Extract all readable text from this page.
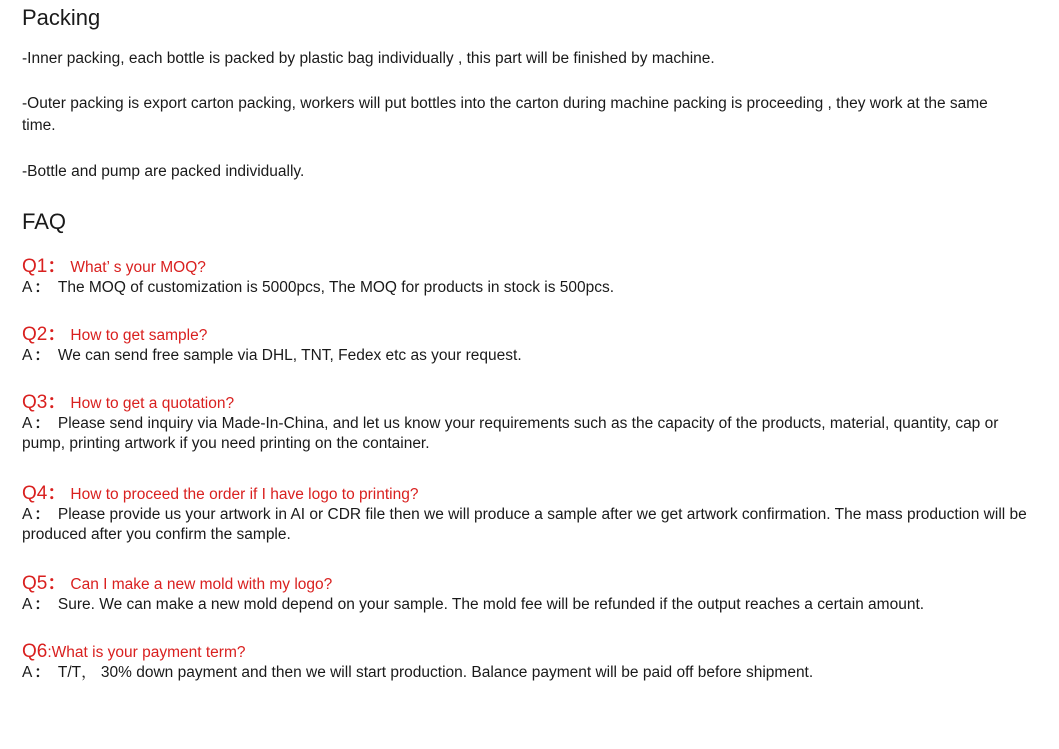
Packing

-Inner packing, each bottle is packed by plastic bag individually , this part will be finished by machine.

-Outer packing is export carton packing, workers will put bottles into the carton during machine packing is proceeding , they work at the same time.

-Bottle and pump are packed individually.

FAQ
Q1： What’ s your MOQ?
A ： The MOQ of customization is 5000pcs, The MOQ for products in stock is 500pcs.
Q2： How to get sample?
A ： We can send free sample via DHL, TNT, Fedex etc as your request.
Q3： How to get a quotation?
A ： Please send inquiry via Made-In-China, and let us know your requirements such as the capacity of the products, material, quantity, cap or pump, printing artwork if you need printing on the container.
Q4： How to proceed the order if I have logo to printing?
A ： Please provide us your artwork in AI or CDR file then we will produce a sample after we get artwork confirmation. The mass production will be produced after you confirm the sample.
Q5： Can I make a new mold with my logo?
A ： Sure. We can make a new mold depend on your sample. The mold fee will be refunded if the output reaches a certain amount.
Q6:What is your payment term?
A ： T/T， 30% down payment and then we will start production. Balance payment will be paid off before shipment.
